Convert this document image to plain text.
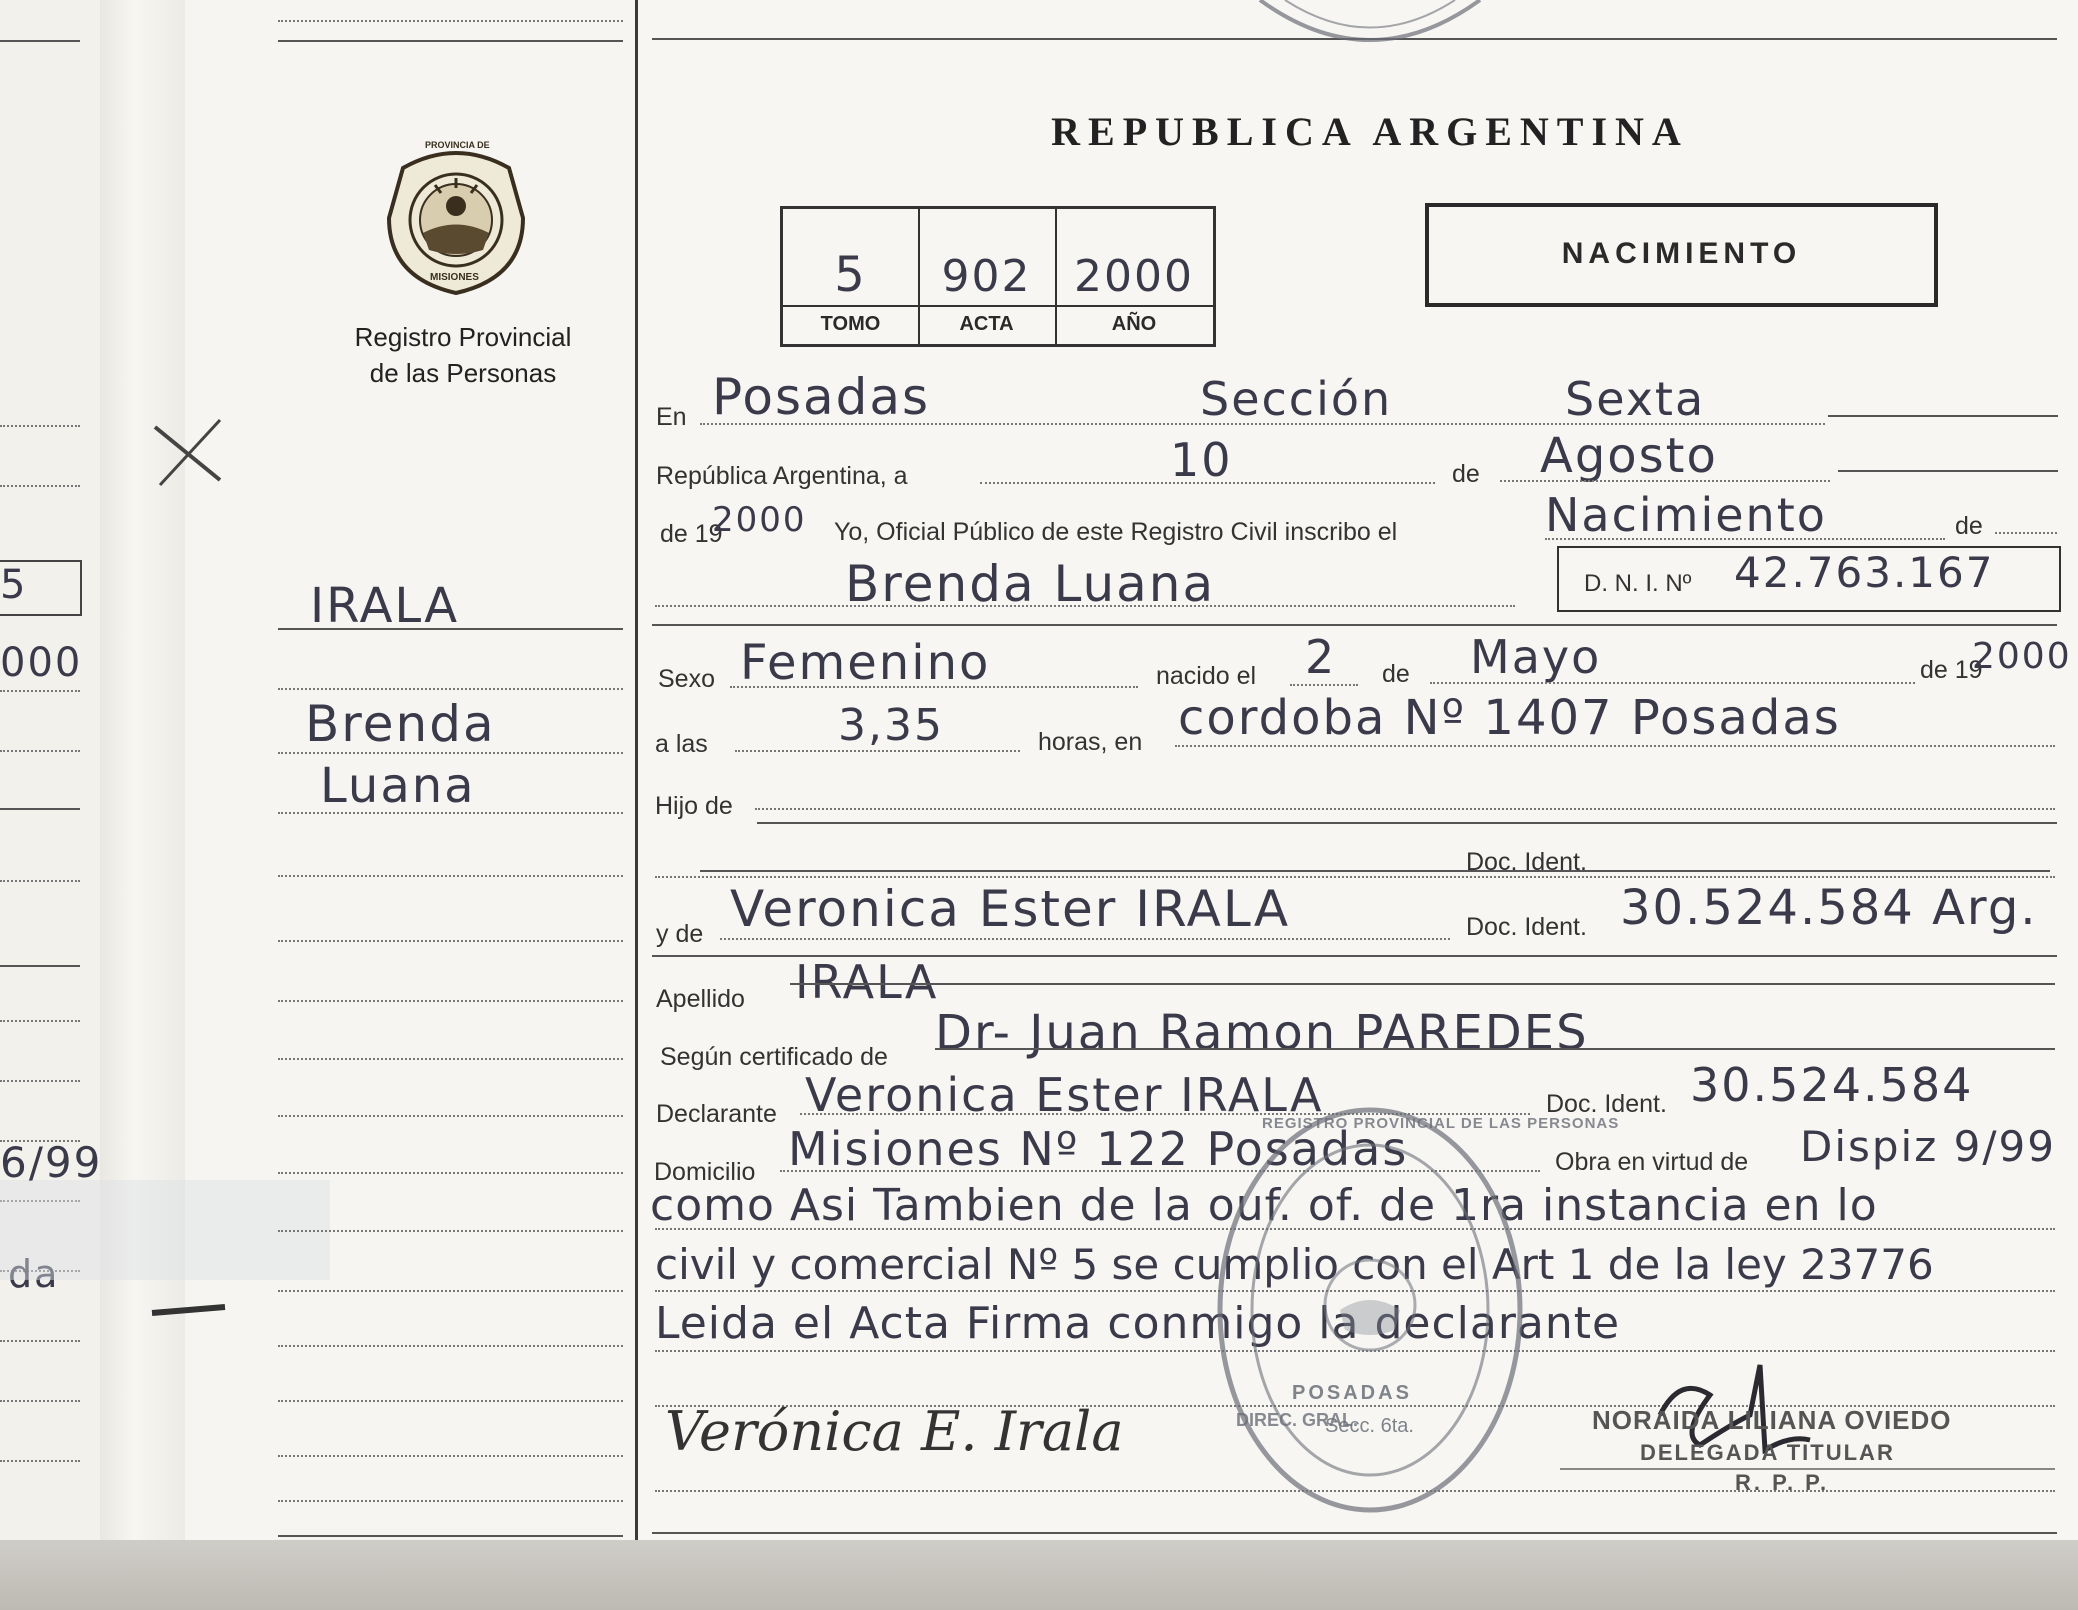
5
000
6/99
da
PROVINCIA DE
MISIONES
Registro Provincial
de las Personas
IRALA
Brenda
Luana
REPUBLICA ARGENTINA
5	902 2000
TOMO	ACTA	AÑO
NACIMIENTO
En Posadas	Sección	Sexta
República Argentina, a	10	de Agosto
de 19
2000 Yo, Oficial Público de este Registro Civil inscribo el	Nacimiento	de
Brenda Luana	D. N. I. Nº 42.763.167
Sexo Femenino	nacido el 2 de Mayo	de 19
2000
a las	3,35	horas, en cordoba Nº 1407 Posadas
Hijo de
Doc. Ident.
y de Veronica Ester IRALA	Doc. Ident. 30.524.584 Arg.
Apellido IRALA
Según certificado de Dr- Juan Ramon PAREDES
Declarante Veronica Ester IRALA	Doc. Ident. 30.524.584
Domicilio Misiones Nº 122 Posadas	Obra en virtud de Dispiz 9/99
como Asi Tambien de la ouf. of. de 1ra instancia en lo
civil y comercial Nº 5 se cumplio con el Art 1 de la ley 23776
Leida el Acta Firma conmigo la declarante
Verónica E. Irala
REGISTRO PROVINCIAL DE LAS PERSONAS
DIREC. GRAL.
POSADAS
Secc. 6ta.	NORAIDA LILIANA OVIEDO
DELEGADA TITULAR
R. P. P.
